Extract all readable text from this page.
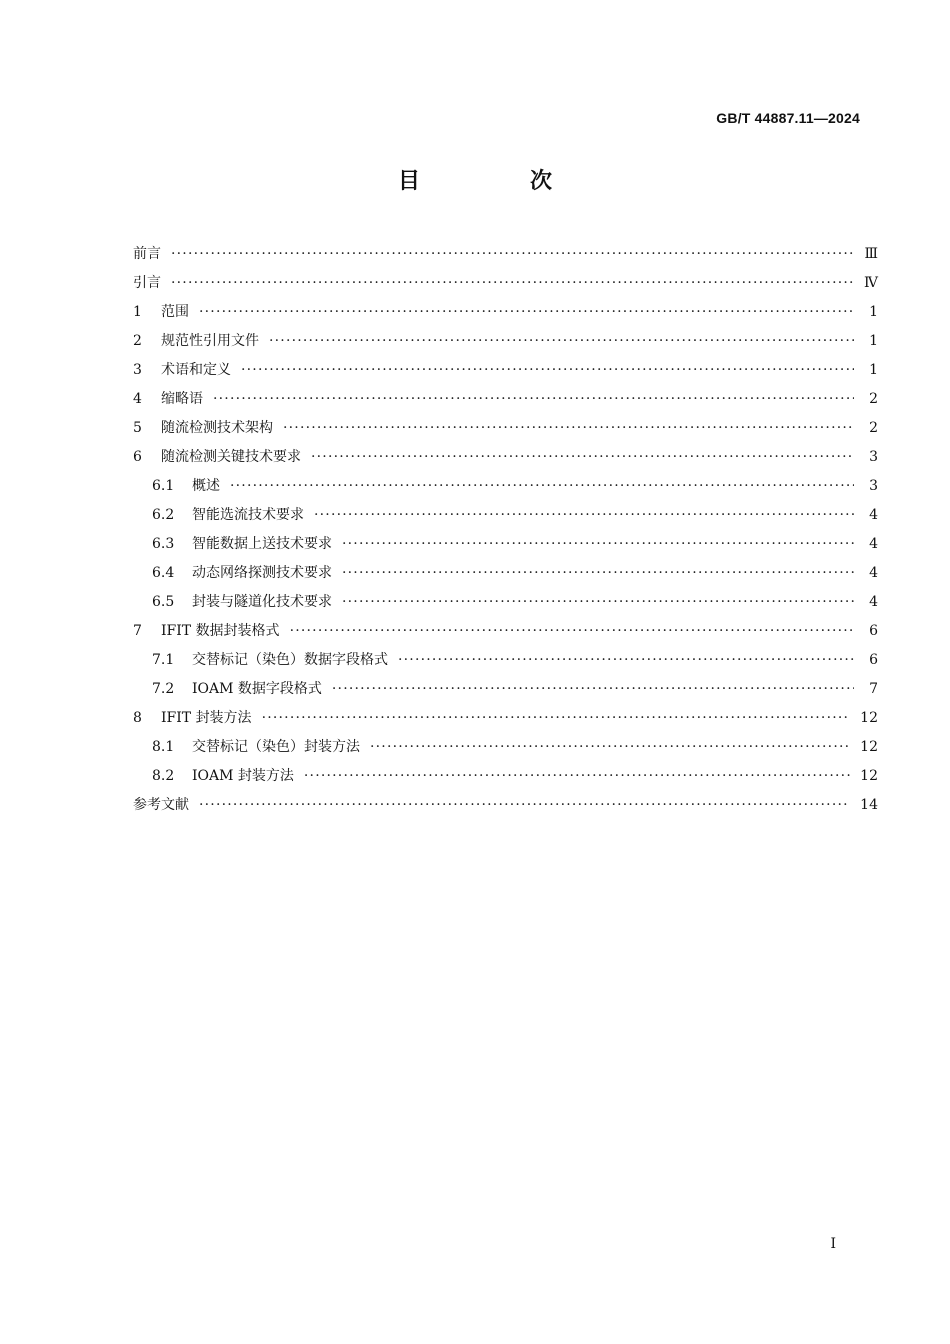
GB/T 44887.11—2024
目　次
前言 ·····	Ⅲ
引言 ·····	Ⅳ
1	范围 ·····	1
2	规范性引用文件 ·····	1
3	术语和定义 ·····	1
4	缩略语 ·····	2
5	随流检测技术架构 ·····	2
6	随流检测关键技术要求 ·····	3
6.1	概述 ·····	3
6.2	智能选流技术要求 ·····	4
6.3	智能数据上送技术要求 ·····	4
6.4	动态网络探测技术要求 ·····	4
6.5	封装与隧道化技术要求 ·····	4
7	IFIT 数据封装格式 ·····	6
7.1	交替标记（染色）数据字段格式 ·····	6
7.2	IOAM 数据字段格式 ·····	7
8	IFIT 封装方法 ·····	12
8.1	交替标记（染色）封装方法 ·····	12
8.2	IOAM 封装方法 ·····	12
参考文献 ·····	14
Ⅰ
